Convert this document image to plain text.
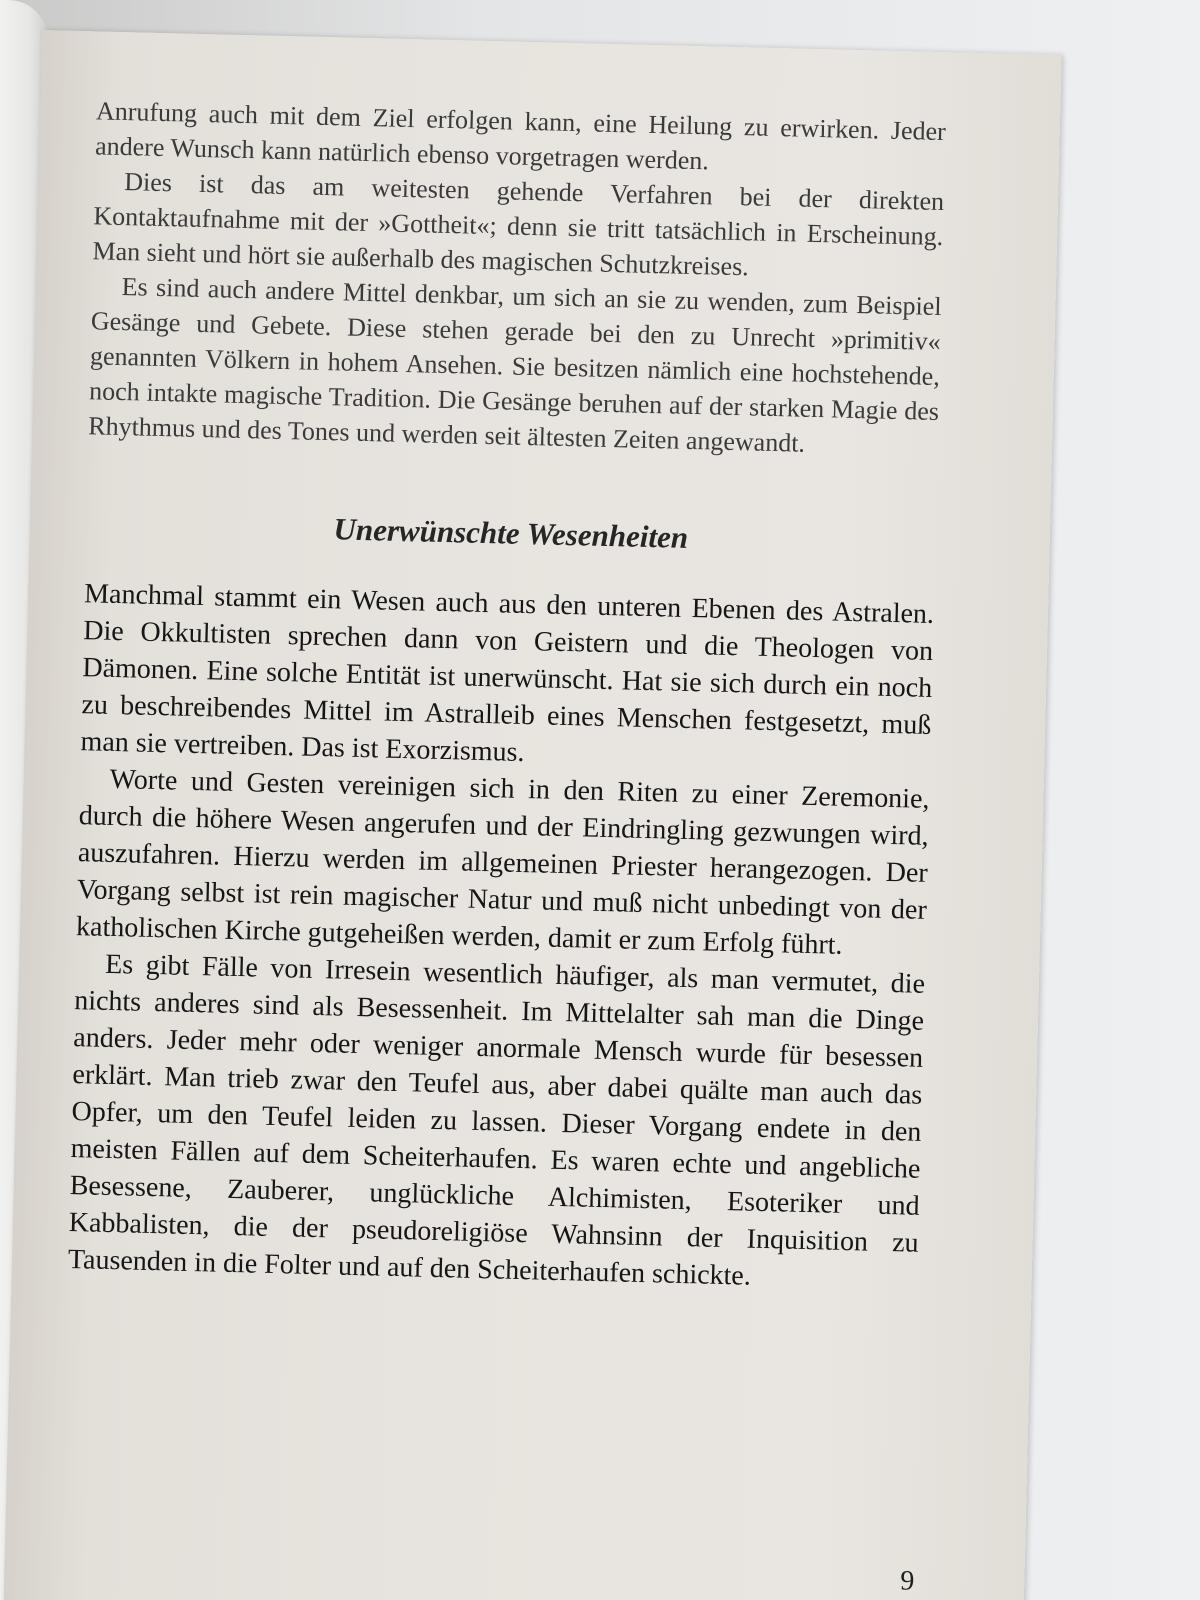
Anrufung auch mit dem Ziel erfolgen kann, eine Heilung zu erwirken. Jeder andere Wunsch kann natürlich ebenso vorgetragen werden.

Dies ist das am weitesten gehende Verfahren bei der direkten Kontaktaufnahme mit der »Gottheit«; denn sie tritt tatsächlich in Erscheinung. Man sieht und hört sie außerhalb des magischen Schutzkreises.

Es sind auch andere Mittel denkbar, um sich an sie zu wenden, zum Beispiel Gesänge und Gebete. Diese stehen gerade bei den zu Unrecht »primitiv« genannten Völkern in hohem Ansehen. Sie besitzen nämlich eine hochstehende, noch intakte magische Tradition. Die Gesänge beruhen auf der starken Magie des Rhythmus und des Tones und werden seit ältesten Zeiten angewandt.

Unerwünschte Wesenheiten

Manchmal stammt ein Wesen auch aus den unteren Ebenen des Astralen. Die Okkultisten sprechen dann von Geistern und die Theologen von Dämonen. Eine solche Entität ist unerwünscht. Hat sie sich durch ein noch zu beschreibendes Mittel im Astralleib eines Menschen festgesetzt, muß man sie vertreiben. Das ist Exorzismus.

Worte und Gesten vereinigen sich in den Riten zu einer Zeremonie, durch die höhere Wesen angerufen und der Eindringling gezwungen wird, auszufahren. Hierzu werden im allgemeinen Priester herangezogen. Der Vorgang selbst ist rein magischer Natur und muß nicht unbedingt von der katholischen Kirche gutgeheißen werden, damit er zum Erfolg führt.

Es gibt Fälle von Irresein wesentlich häufiger, als man vermutet, die nichts anderes sind als Besessenheit. Im Mittelalter sah man die Dinge anders. Jeder mehr oder weniger anormale Mensch wurde für besessen erklärt. Man trieb zwar den Teufel aus, aber dabei quälte man auch das Opfer, um den Teufel leiden zu lassen. Dieser Vorgang endete in den meisten Fällen auf dem Scheiterhaufen. Es waren echte und angebliche Besessene, Zauberer, unglückliche Alchimisten, Esoteriker und Kabbalisten, die der pseudoreligiöse Wahnsinn der Inquisition zu Tausenden in die Folter und auf den Scheiterhaufen schickte.

9
